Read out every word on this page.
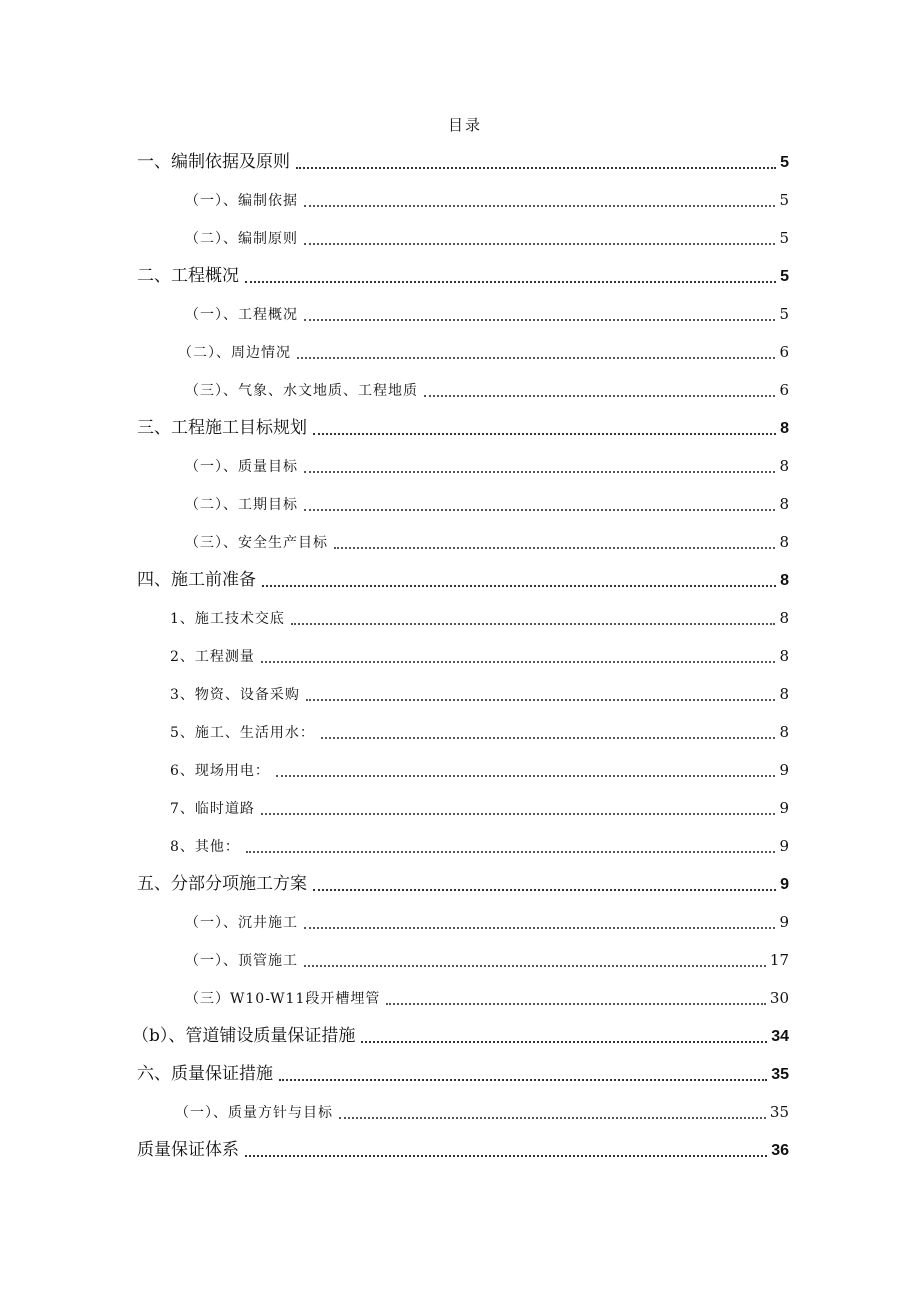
目录
一、编制依据及原则	5
（一）、编制依据	5
（二）、编制原则	5
二、工程概况	5
（一）、工程概况	5
（二）、周边情况	6
（三）、气象、水文地质、工程地质	6
三、工程施工目标规划	8
（一）、质量目标	8
（二）、工期目标	8
（三）、安全生产目标	8
四、施工前准备	8
1、施工技术交底	8
2、工程测量	8
3、物资、设备采购	8
5、施工、生活用水：	8
6、现场用电：	9
7、临时道路	9
8、其他：	9
五、分部分项施工方案	9
（一）、沉井施工	9
（一）、顶管施工	17
（三）W10-W11段开槽埋管	30
（b）、管道铺设质量保证措施	34
六、质量保证措施	35
（一）、质量方针与目标	35
质量保证体系	36
